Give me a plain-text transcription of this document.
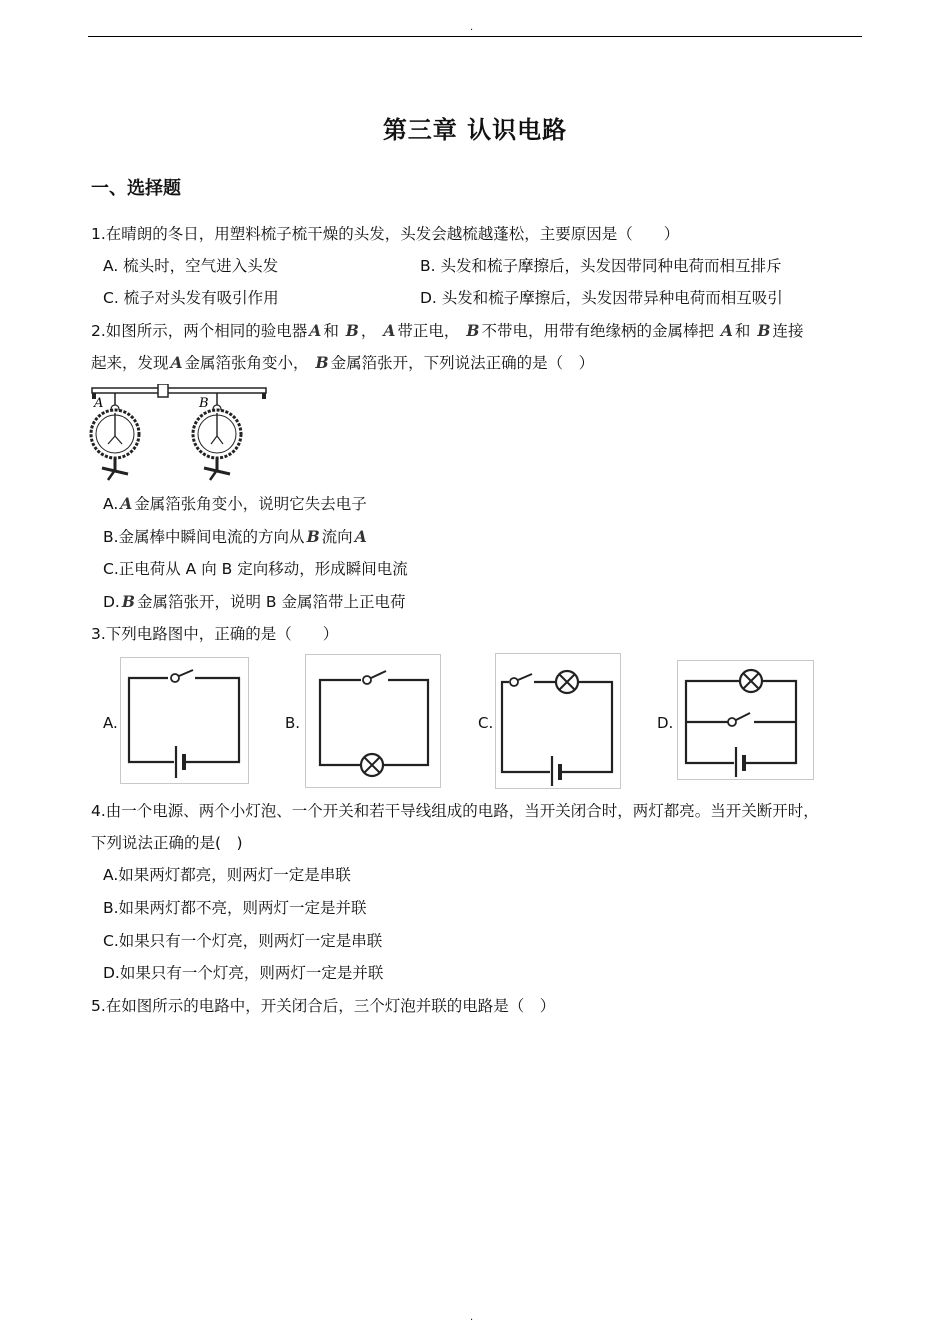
.
第三章 认识电路
一、选择题
1.在晴朗的冬日，用塑料梳子梳干燥的头发，头发会越梳越蓬松，主要原因是（　　）
A. 梳头时，空气进入头发	B. 头发和梳子摩擦后，头发因带同种电荷而相互排斥
C. 梳子对头发有吸引作用	D. 头发和梳子摩擦后，头发因带异种电荷而相互吸引
2.如图所示，两个相同的验电器 A 和 B ， A 带正电， B 不带电，用带有绝缘柄的金属棒把 A 和 B 连接
起来，发现 A 金属箔张角变小， B 金属箔张开，下列说法正确的是（　）
A	B
A. A 金属箔张角变小，说明它失去电子
B.金属棒中瞬间电流的方向从 B 流向 A
C.正电荷从 A 向 B 定向移动，形成瞬间电流
D. B 金属箔张开，说明 B 金属箔带上正电荷
3.下列电路图中，正确的是（　　）
A.	B.	C.	D.
4.由一个电源、两个小灯泡、一个开关和若干导线组成的电路，当开关闭合时，两灯都亮。当开关断开时，
下列说法正确的是(　)
A.如果两灯都亮，则两灯一定是串联
B.如果两灯都不亮，则两灯一定是并联
C.如果只有一个灯亮，则两灯一定是串联
D.如果只有一个灯亮，则两灯一定是并联
5.在如图所示的电路中，开关闭合后，三个灯泡并联的电路是（　）
.
